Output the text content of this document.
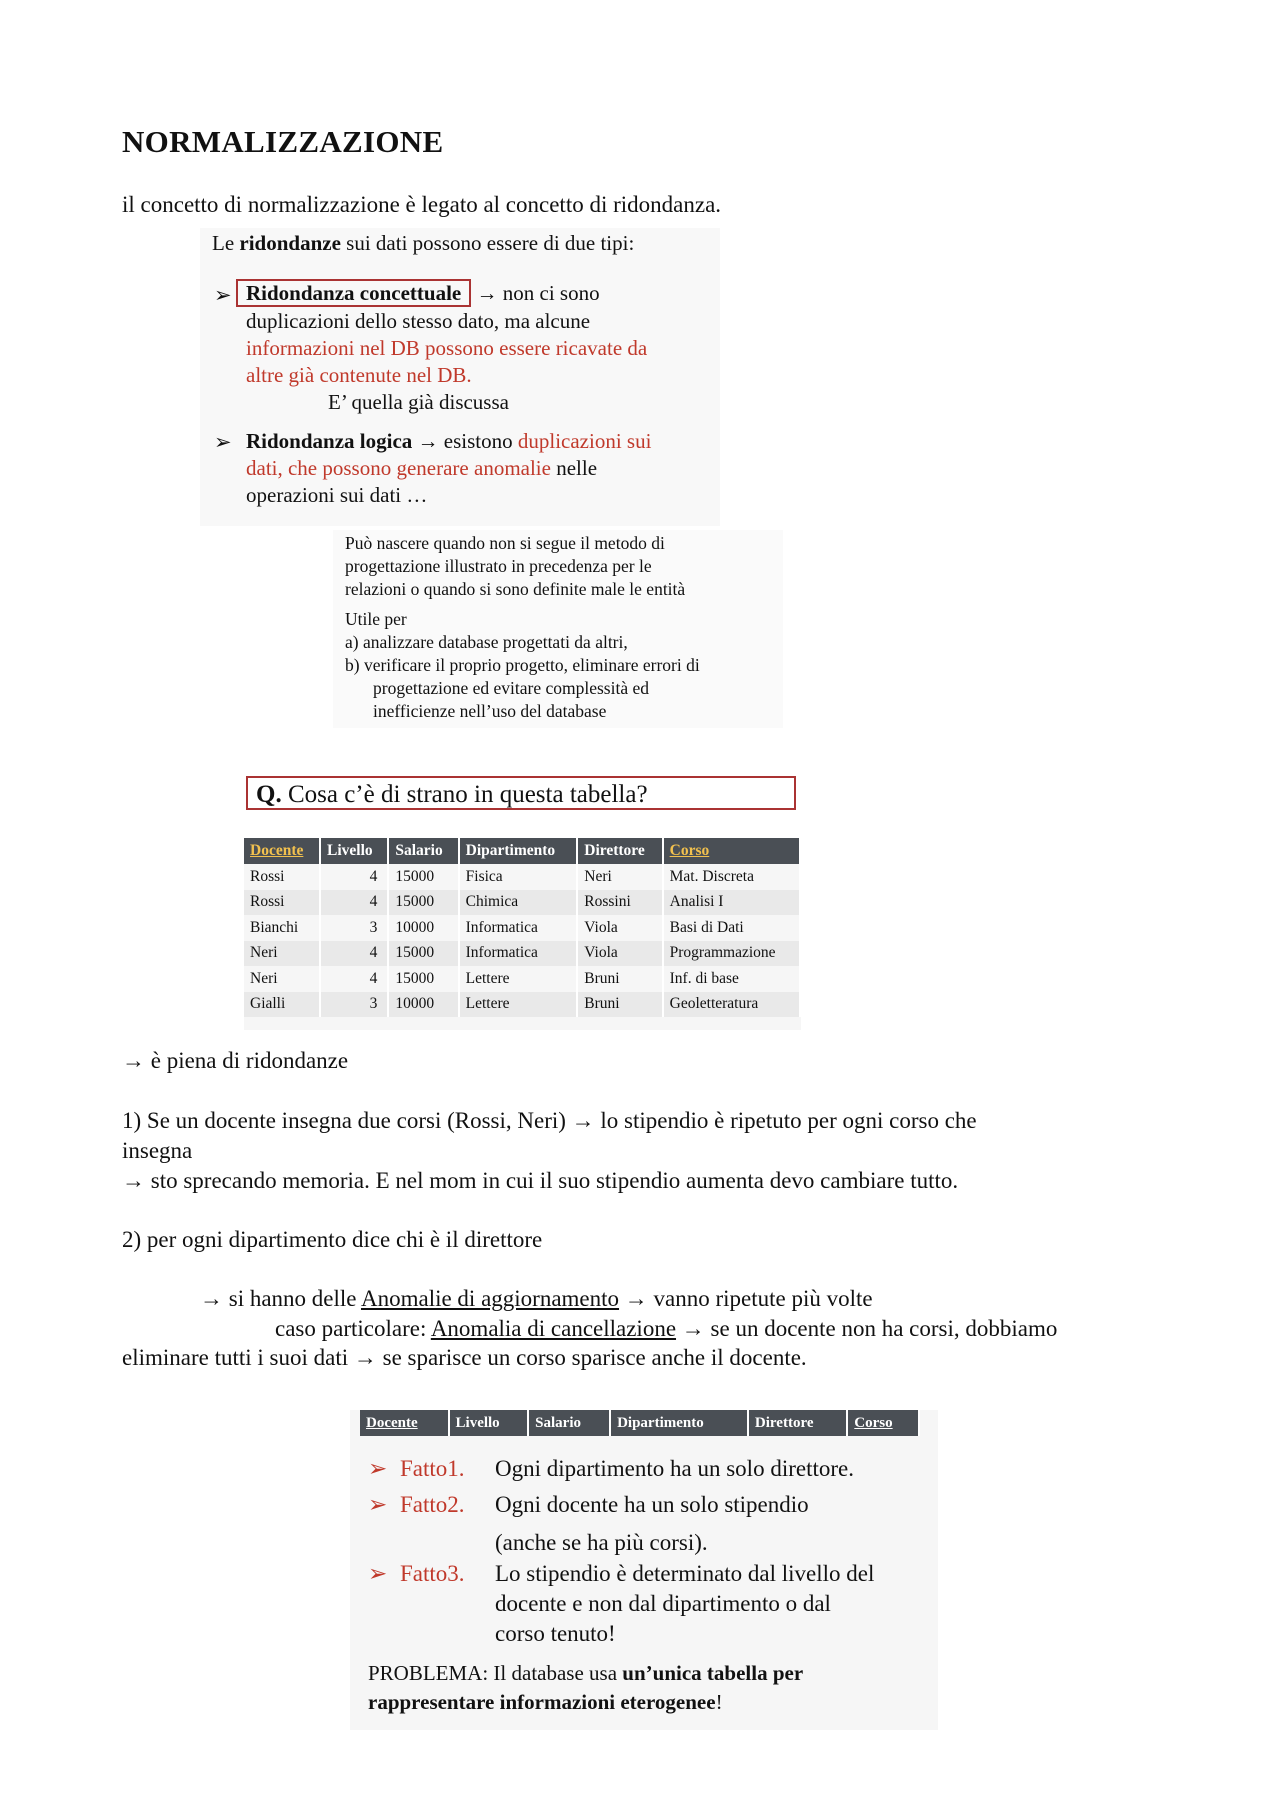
NORMALIZZAZIONE
il concetto di normalizzazione è legato al concetto di ridondanza.
Le ridondanze sui dati possono essere di due tipi:
➢ Ridondanza concettuale → non ci sono
duplicazioni dello stesso dato, ma alcune
informazioni nel DB possono essere ricavate da
altre già contenute nel DB.
E’ quella già discussa
➢ Ridondanza logica → esistono duplicazioni sui
dati, che possono generare anomalie nelle
operazioni sui dati …
Può nascere quando non si segue il metodo di
progettazione illustrato in precedenza per le
relazioni o quando si sono definite male le entità
Utile per
a) analizzare database progettati da altri,
b) verificare il proprio progetto, eliminare errori di
progettazione ed evitare complessità ed
inefficienze nell’uso del database
Q. Cosa c’è di strano in questa tabella?
Docente	Livello	Salario	Dipartimento	Direttore	Corso
Rossi	4	15000	Fisica	Neri	Mat. Discreta
Rossi	4	15000	Chimica	Rossini	Analisi I
Bianchi	3	10000	Informatica	Viola	Basi di Dati
Neri	4	15000	Informatica	Viola	Programmazione
Neri	4	15000	Lettere	Bruni	Inf. di base
Gialli	3	10000	Lettere	Bruni	Geoletteratura
→ è piena di ridondanze
1) Se un docente insegna due corsi (Rossi, Neri) → lo stipendio è ripetuto per ogni corso che
insegna
→ sto sprecando memoria. E nel mom in cui il suo stipendio aumenta devo cambiare tutto.
2) per ogni dipartimento dice chi è il direttore
→ si hanno delle Anomalie di aggiornamento → vanno ripetute più volte
caso particolare: Anomalia di cancellazione → se un docente non ha corsi, dobbiamo
eliminare tutti i suoi dati → se sparisce un corso sparisce anche il docente.
Docente	Livello	Salario	Dipartimento	Direttore	Corso
➢ Fatto1. Ogni dipartimento ha un solo direttore.
➢ Fatto2. Ogni docente ha un solo stipendio
(anche se ha più corsi).
➢ Fatto3. Lo stipendio è determinato dal livello del
docente e non dal dipartimento o dal
corso tenuto!
PROBLEMA: Il database usa un’unica tabella per
rappresentare informazioni eterogenee!
